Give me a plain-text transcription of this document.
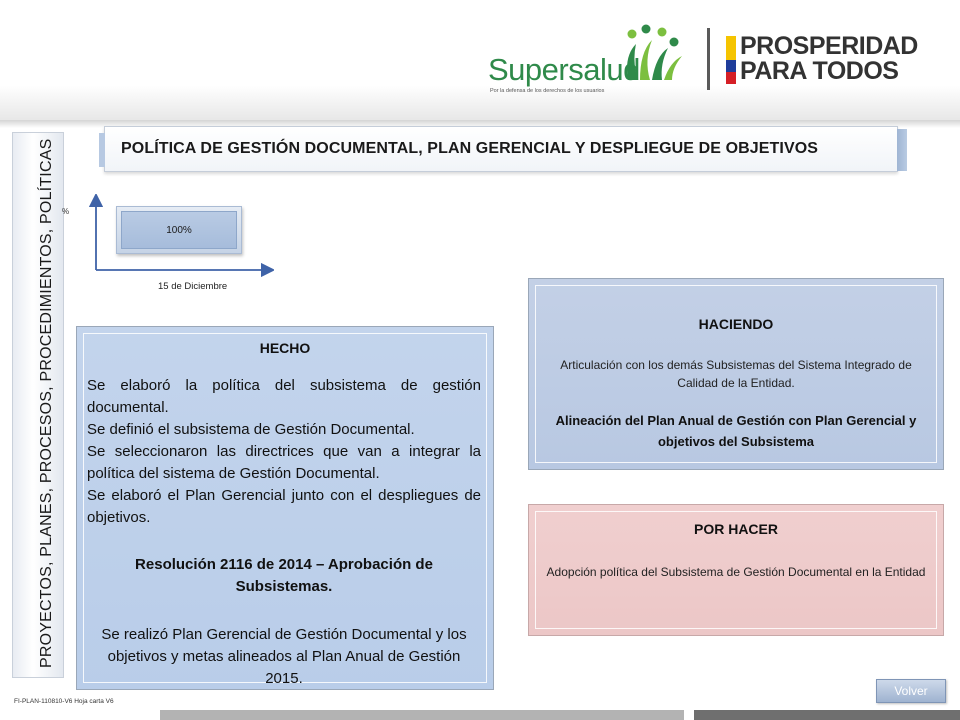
Supersalud
Por la defensa de los derechos de los usuarios
PROSPERIDAD
PARA TODOS
PROYECTOS, PLANES, PROCESOS, PROCEDIMIENTOS, POLÍTICAS	POLÍTICA DE GESTIÓN DOCUMENTAL, PLAN GERENCIAL Y DESPLIEGUE DE OBJETIVOS
%
100%
15 de Diciembre
HECHO

Se elaboró la política del subsistema de gestión documental.

Se definió el subsistema de Gestión Documental.

Se seleccionaron las directrices que van a integrar la política del sistema de Gestión Documental.

Se elaboró el Plan Gerencial junto con el despliegues de objetivos.

Resolución 2116 de 2014 – Aprobación de Subsistemas.
Se realizó Plan Gerencial de Gestión Documental y los objetivos y metas alineados al Plan Anual de Gestión 2015.
HACIENDO
Articulación con los demás Subsistemas del Sistema Integrado de Calidad de la Entidad.
Alineación del Plan Anual de Gestión con Plan Gerencial y objetivos del Subsistema
POR HACER
Adopción política del Subsistema de Gestión Documental en la Entidad
FI-PLAN-110810-V6 Hoja carta V6
Volver
